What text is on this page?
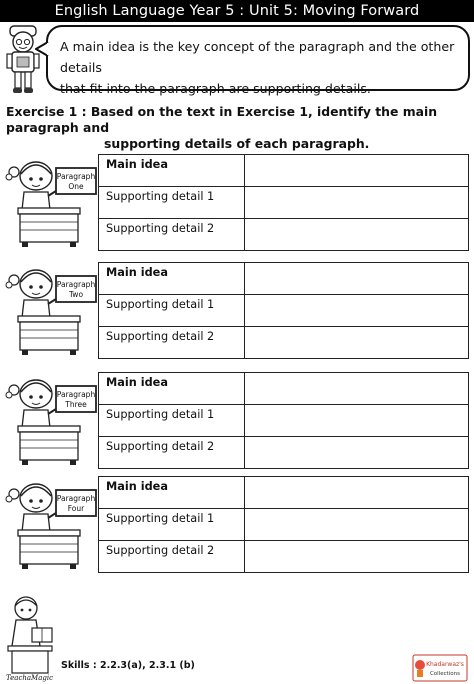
English Language Year 5 : Unit 5: Moving Forward
A main idea is the key concept of the paragraph and the other details
that fit into the paragraph are supporting details.
Exercise 1 : Based on the text in Exercise 1, identify the main paragraph and
supporting details of each paragraph.
Paragraph
One
Main idea	
Supporting detail 1	
Supporting detail 2	
Paragraph
Two
Main idea	
Supporting detail 1	
Supporting detail 2	
Paragraph
Three
Main idea	
Supporting detail 1	
Supporting detail 2	
Paragraph
Four
Main idea	
Supporting detail 1	
Supporting detail 2	
TeachaMagic
Skills : 2.2.3(a), 2.3.1 (b)	Khadarwaz's
Collections
